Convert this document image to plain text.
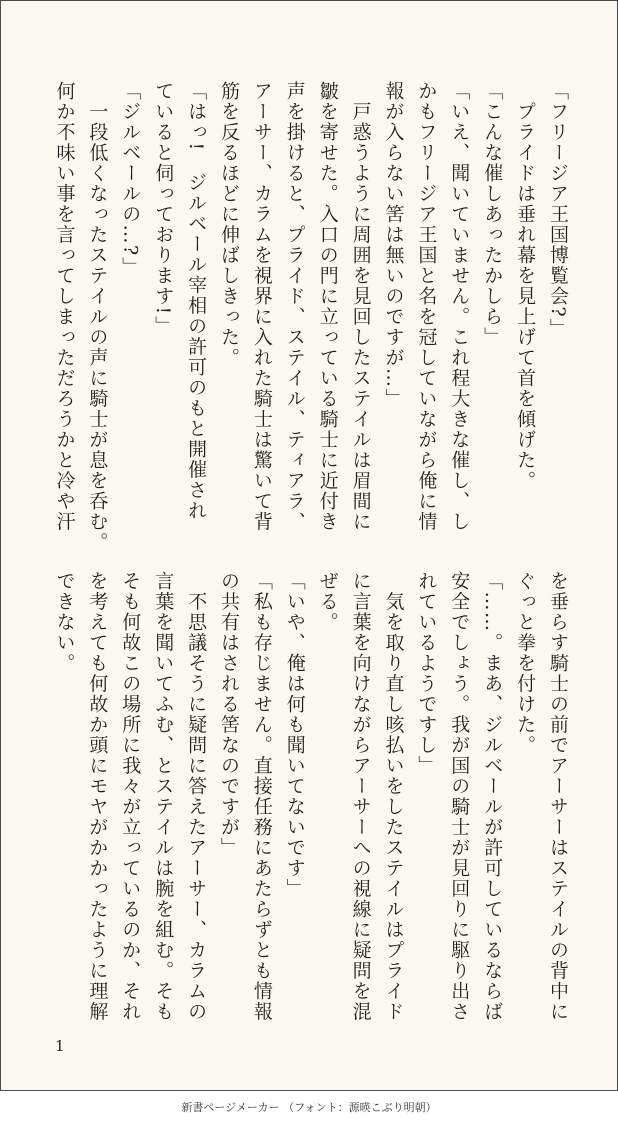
「フリージア王国博覧会?」
　プライドは垂れ幕を見上げて首を傾げた。
「こんな催しあったかしら」
「いえ、聞いていません。これ程大きな催し、し
かもフリージア王国と名を冠していながら俺に情
報が入らない筈は無いのですが…」
　戸惑うように周囲を見回したステイルは眉間に
皺を寄せた。入口の門に立っている騎士に近付き
声を掛けると、プライド、ステイル、ティアラ、
アーサー、カラムを視界に入れた騎士は驚いて背
筋を反るほどに伸ばしきった。
「はっ!　ジルベール宰相の許可のもと開催され
ていると伺っております!」
「ジルベールの…?」
　一段低くなったステイルの声に騎士が息を呑む。
何か不味い事を言ってしまっただろうかと冷や汗
を垂らす騎士の前でアーサーはステイルの背中に
ぐっと拳を付けた。
「……。まあ、ジルベールが許可しているならば
安全でしょう。我が国の騎士が見回りに駆り出さ
れているようですし」
　気を取り直し咳払いをしたステイルはプライド
に言葉を向けながらアーサーへの視線に疑問を混
ぜる。
「いや、俺は何も聞いてないです」
「私も存じません。直接任務にあたらずとも情報
の共有はされる筈なのですが」
　不思議そうに疑問に答えたアーサー、カラムの
言葉を聞いてふむ、とステイルは腕を組む。そも
そも何故この場所に我々が立っているのか、それ
を考えても何故か頭にモヤがかかったように理解
できない。
1
新書ページメーカー （フォント：源暎こぶり明朝）
